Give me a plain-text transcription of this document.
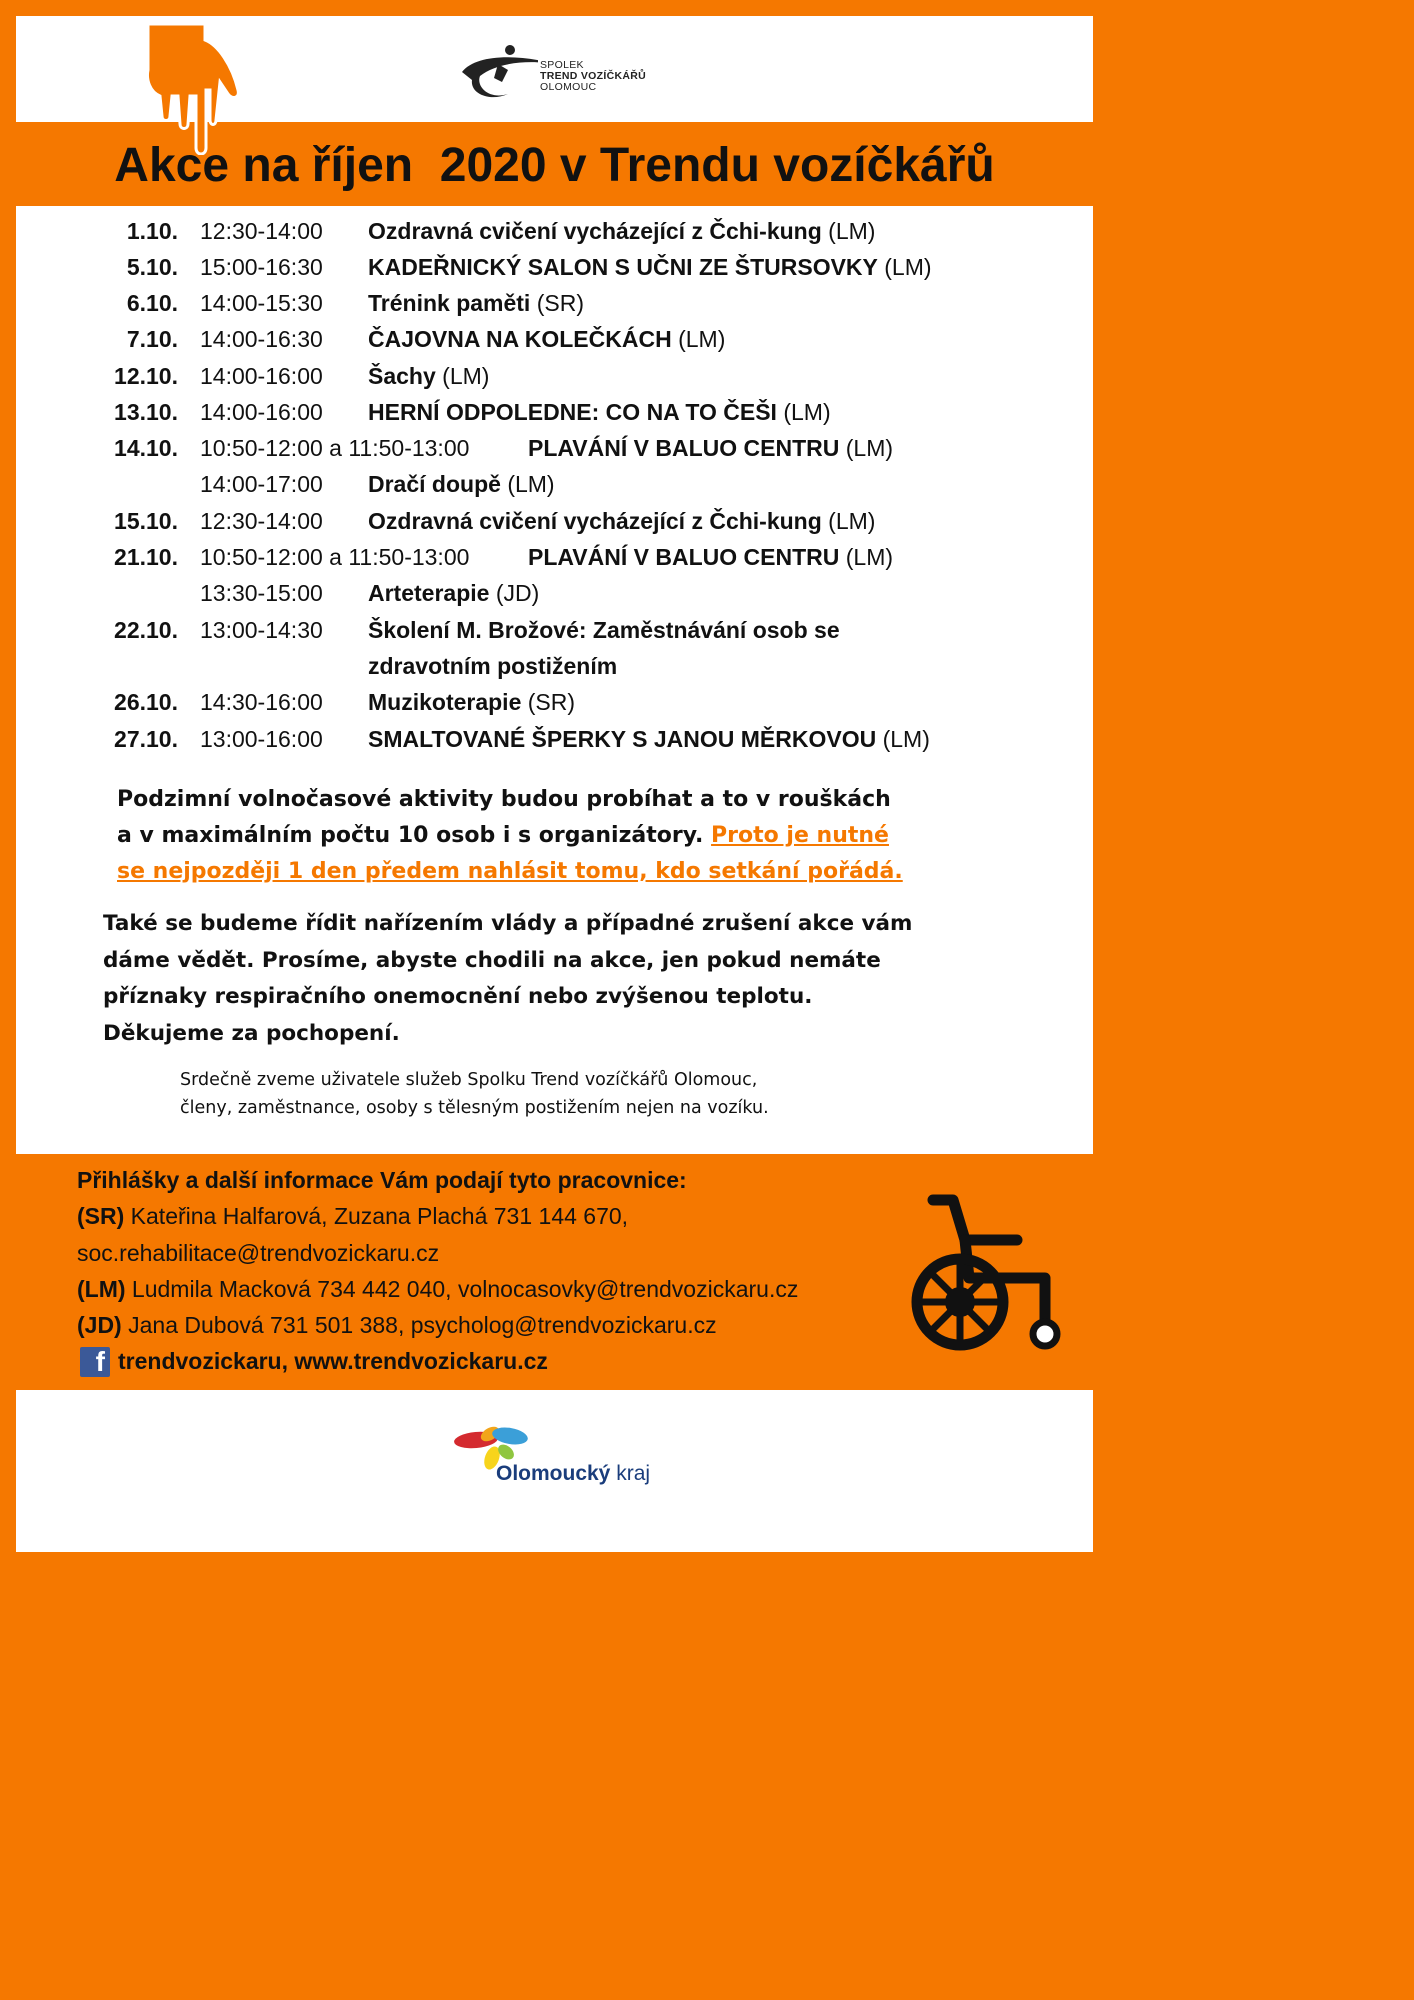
SPOLEK
TREND VOZÍČKÁŘŮ
OLOMOUC
Akce na říjen  2020 v Trendu vozíčkářů
1.10. 12:30-14:00 Ozdravná cvičení vycházející z Čchi-kung (LM)
5.10. 15:00-16:30 KADEŘNICKÝ SALON S UČNI ZE ŠTURSOVKY (LM)
6.10. 14:00-15:30 Trénink paměti (SR)
7.10. 14:00-16:30 ČAJOVNA NA KOLEČKÁCH (LM)
12.10. 14:00-16:00 Šachy (LM)
13.10. 14:00-16:00 HERNÍ ODPOLEDNE: CO NA TO ČEŠI (LM)
14.10. 10:50-12:00 a 11:50-13:00	PLAVÁNÍ V BALUO CENTRU (LM)
14:00-17:00 Dračí doupě (LM)
15.10. 12:30-14:00 Ozdravná cvičení vycházející z Čchi-kung (LM)
21.10. 10:50-12:00 a 11:50-13:00	PLAVÁNÍ V BALUO CENTRU (LM)
13:30-15:00 Arteterapie (JD)
22.10. 13:00-14:30 Školení M. Brožové: Zaměstnávání osob se
zdravotním postižením
26.10. 14:30-16:00 Muzikoterapie (SR)
27.10. 13:00-16:00 SMALTOVANÉ ŠPERKY S JANOU MĚRKOVOU (LM)
Podzimní volnočasové aktivity budou probíhat a to v rouškách
a v maximálním počtu 10 osob i s organizátory. Proto je nutné
se nejpozději 1 den předem nahlásit tomu, kdo setkání pořádá.
Také se budeme řídit nařízením vlády a případné zrušení akce vám
dáme vědět. Prosíme, abyste chodili na akce, jen pokud nemáte
příznaky respiračního onemocnění nebo zvýšenou teplotu.
Děkujeme za pochopení.
Srdečně zveme uživatele služeb Spolku Trend vozíčkářů Olomouc,
členy, zaměstnance, osoby s tělesným postižením nejen na vozíku.
Přihlášky a další informace Vám podají tyto pracovnice:
(SR) Kateřina Halfarová, Zuzana Plachá 731 144 670,
soc.rehabilitace@trendvozickaru.cz
(LM) Ludmila Macková 734 442 040, volnocasovky@trendvozickaru.cz
(JD) Jana Dubová 731 501 388, psycholog@trendvozickaru.cz
f trendvozickaru, www.trendvozickaru.cz
Olomoucký kraj
